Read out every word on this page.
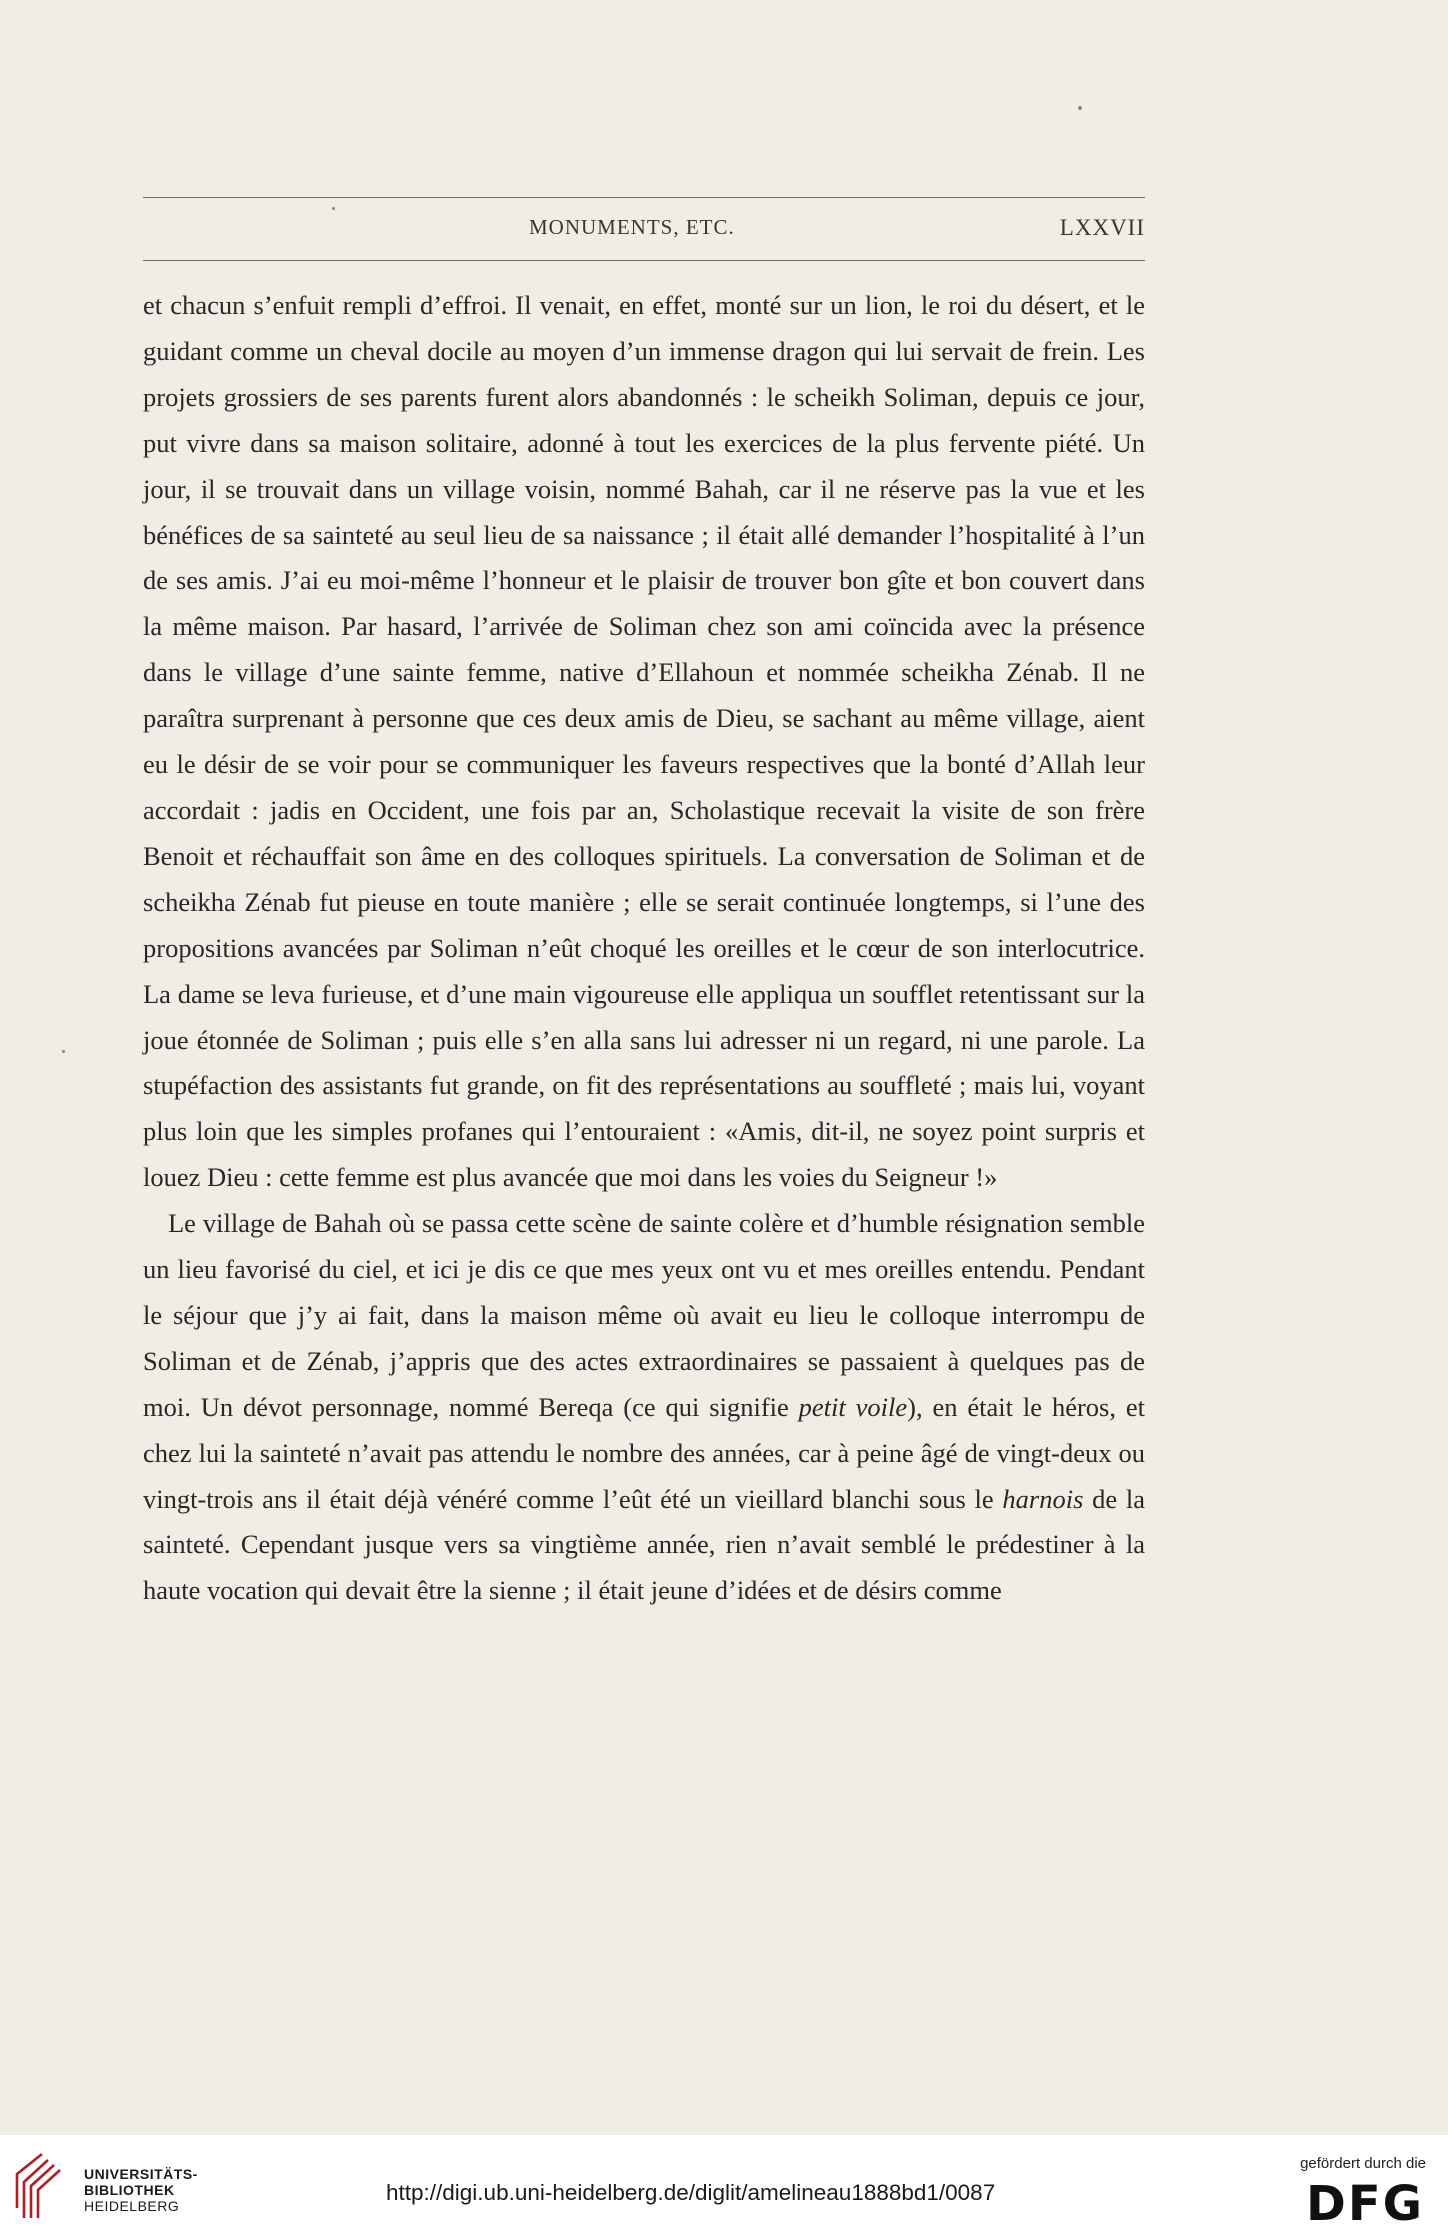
MONUMENTS, ETC.	LXXVII

et chacun s’enfuit rempli d’effroi. Il venait, en effet, monté sur un lion, le roi du désert, et le guidant comme un cheval docile au moyen d’un immense dragon qui lui servait de frein. Les projets grossiers de ses parents furent alors abandonnés : le scheikh Soliman, depuis ce jour, put vivre dans sa maison solitaire, adonné à tout les exercices de la plus fervente piété. Un jour, il se trouvait dans un village voisin, nommé Bahah, car il ne réserve pas la vue et les bénéfices de sa sainteté au seul lieu de sa naissance ; il était allé demander l’hospitalité à l’un de ses amis. J’ai eu moi-même l’honneur et le plaisir de trouver bon gîte et bon couvert dans la même maison. Par hasard, l’arrivée de Soliman chez son ami coïncida avec la présence dans le village d’une sainte femme, native d’Ellahoun et nommée scheikha Zénab. Il ne paraîtra surprenant à personne que ces deux amis de Dieu, se sachant au même village, aient eu le désir de se voir pour se communiquer les faveurs respectives que la bonté d’Allah leur accordait : jadis en Occident, une fois par an, Scholastique recevait la visite de son frère Benoit et réchauffait son âme en des colloques spirituels. La conversation de Soliman et de scheikha Zénab fut pieuse en toute manière ; elle se serait continuée longtemps, si l’une des propositions avancées par Soliman n’eût choqué les oreilles et le cœur de son interlocutrice. La dame se leva furieuse, et d’une main vigoureuse elle appliqua un soufflet retentissant sur la joue étonnée de Soliman ; puis elle s’en alla sans lui adresser ni un regard, ni une parole. La stupéfaction des assistants fut grande, on fit des représentations au souffleté ; mais lui, voyant plus loin que les simples profanes qui l’entouraient : «Amis, dit-il, ne soyez point surpris et louez Dieu : cette femme est plus avancée que moi dans les voies du Seigneur !»

Le village de Bahah où se passa cette scène de sainte colère et d’humble résignation semble un lieu favorisé du ciel, et ici je dis ce que mes yeux ont vu et mes oreilles entendu. Pendant le séjour que j’y ai fait, dans la maison même où avait eu lieu le colloque interrompu de Soliman et de Zénab, j’appris que des actes extraordinaires se passaient à quelques pas de moi. Un dévot personnage, nommé Bereqa (ce qui signifie petit voile), en était le héros, et chez lui la sainteté n’avait pas attendu le nombre des années, car à peine âgé de vingt-deux ou vingt-trois ans il était déjà vénéré comme l’eût été un vieillard blanchi sous le harnois de la sainteté. Cependant jusque vers sa vingtième année, rien n’avait semblé le prédestiner à la haute vocation qui devait être la sienne ; il était jeune d’idées et de désirs comme

UNIVERSITÄTS-
BIBLIOTHEK
HEIDELBERG
http://digi.ub.uni-heidelberg.de/diglit/amelineau1888bd1/0087
gefördert durch die
DFG
